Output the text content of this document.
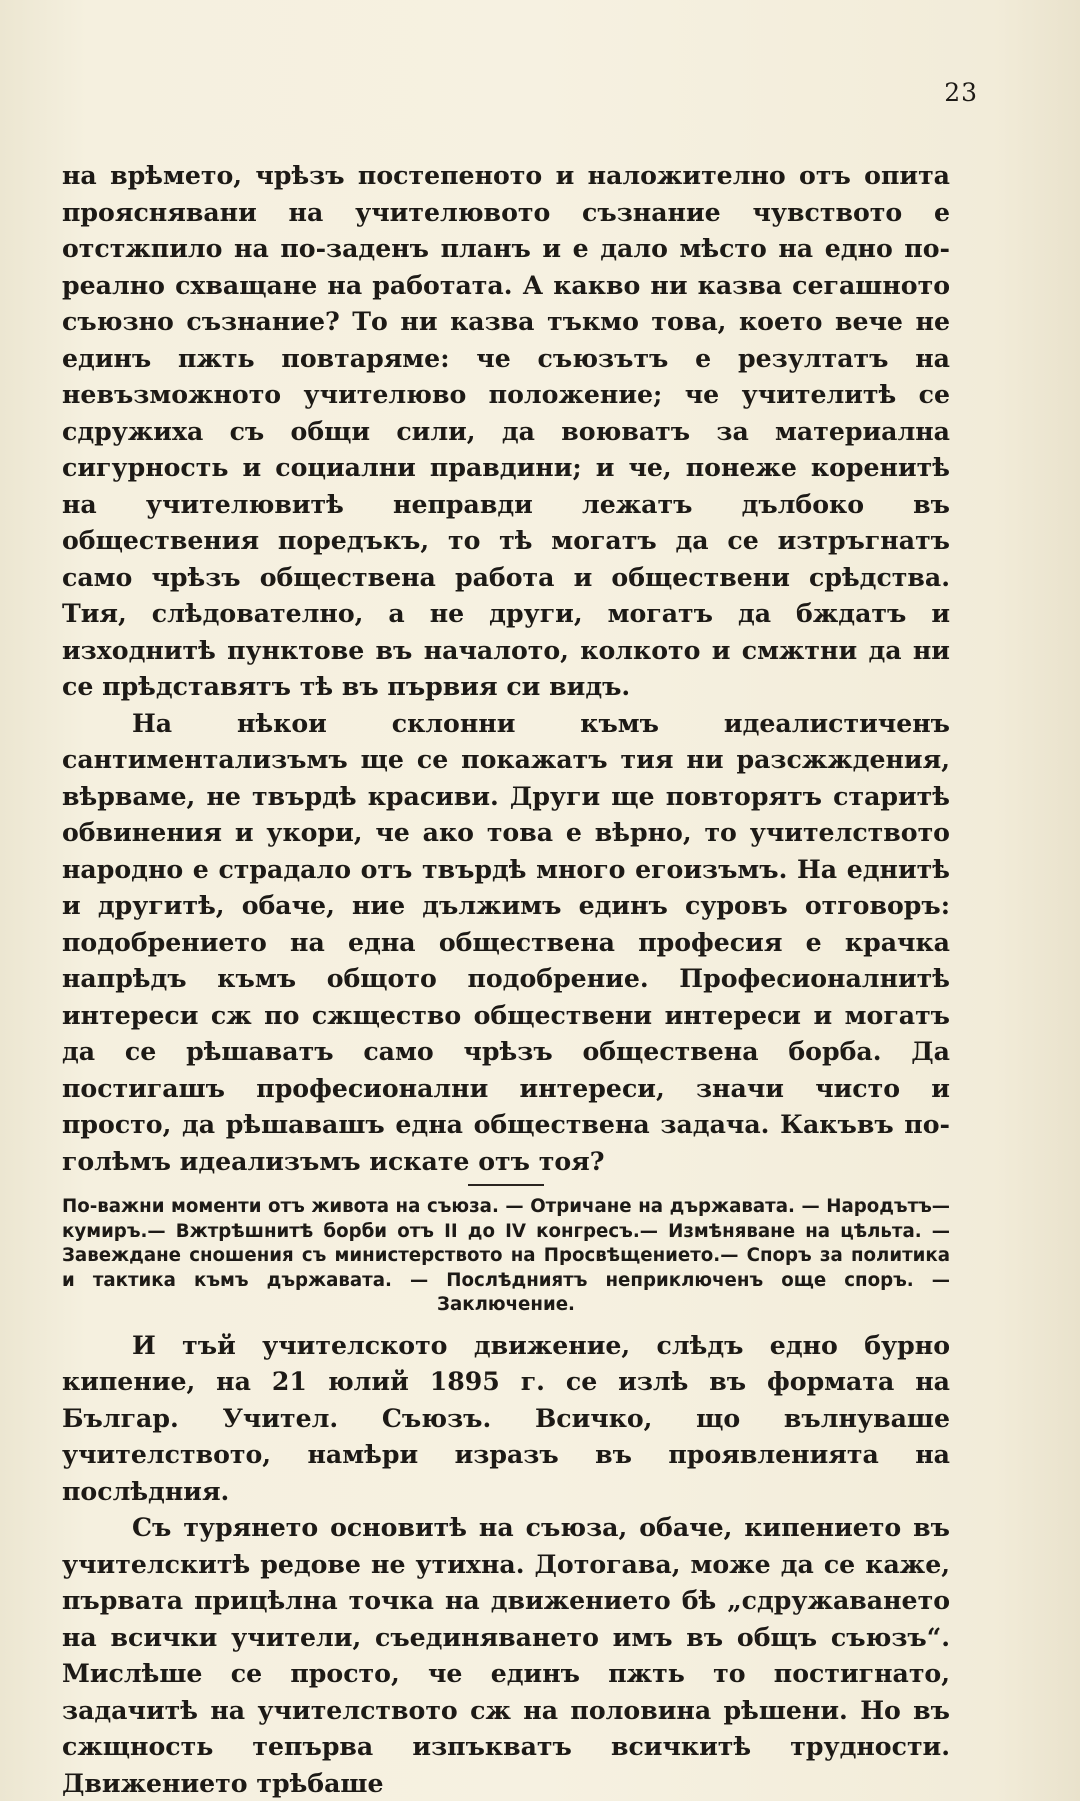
23

на врѣмето, чрѣзъ постепеното и наложително отъ опита прояснявани на учителювото съзнание чувството е отстжпило на по-заденъ планъ и е дало мѣсто на едно по-реално схващане на работата. А какво ни казва сегашното съюзно съзнание? То ни казва тъкмо това, което вече не единъ пжть повтаряме: че съюзътъ е резултатъ на невъзможното учителюво положение; че учителитѣ се сдружиха съ общи сили, да воюватъ за материална сигурность и социални правдини; и че, понеже коренитѣ на учителювитѣ неправди лежатъ дълбоко въ обществения поредъкъ, то тѣ могатъ да се изтръгнатъ само чрѣзъ обществена работа и обществени срѣдства. Тия, слѣдователно, а не други, могатъ да бждатъ и изходнитѣ пунктове въ началото, колкото и смжтни да ни се прѣдставятъ тѣ въ първия си видъ.

На нѣкои склонни къмъ идеалистиченъ сантиментализъмъ ще се покажатъ тия ни разсжждения, вѣрваме, не твърдѣ красиви. Други ще повторятъ старитѣ обвинения и укори, че ако това е вѣрно, то учителството народно е страдало отъ твърдѣ много егоизъмъ. На еднитѣ и другитѣ, обаче, ние дължимъ единъ суровъ отговоръ: подобрението на една обществена професия е крачка напрѣдъ къмъ общото подобрение. Професионалнитѣ интереси сж по сжщество обществени интереси и могатъ да се рѣшаватъ само чрѣзъ обществена борба. Да постигашъ професионални интереси, значи чисто и просто, да рѣшавашъ една обществена задача. Какъвъ по-голѣмъ идеализъмъ искате отъ тоя?

По-важни моменти отъ живота на съюза. — Отричане на държавата. — Народътъ—кумиръ.— Вжтрѣшнитѣ борби отъ II до IV конгресъ.— Измѣняване на цѣльта. — Завеждане сношения съ министерството на Просвѣщението.— Споръ за политика и тактика къмъ държавата. — Послѣдниятъ неприключенъ още споръ. — Заключение.

И тъй учителското движение, слѣдъ едно бурно кипение, на 21 юлий 1895 г. се излѣ въ формата на Българ. Учител. Съюзъ. Всичко, що вълнуваше учителството, намѣри изразъ въ проявленията на послѣдния.

Съ турянето основитѣ на съюза, обаче, кипението въ учителскитѣ редове не утихна. Дотогава, може да се каже, първата прицѣлна точка на движението бѣ „сдружаването на всички учители, съединяването имъ въ общъ съюзъ“. Мислѣше се просто, че единъ пжть то постигнато, задачитѣ на учителството сж на половина рѣшени. Но въ сжщность тепърва изпъкватъ всичкитѣ трудности. Движението трѣбаше
